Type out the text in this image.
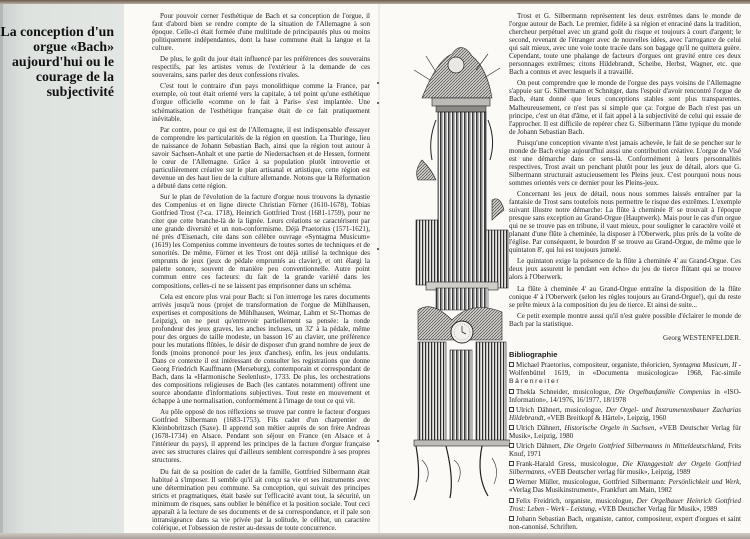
La conception d'un
orgue «Bach»
aujourd'hui ou le
courage de la
subjectivité

Pour pouvoir cerner l'esthétique de Bach et sa conception de l'orgue, il faut d'abord bien se rendre compte de la situation de l'Allemagne à son époque. Celle-ci était formée d'une multitude de principautés plus ou moins politiquement indépendantes, dont la base commune était la langue et la culture.

De plus, le goût du jour était influencé par les préférences des souverains respectifs, par les artistes venus de l'extérieur à la demande de ces souverains, sans parler des deux confessions rivales.

C'est tout le contraire d'un pays monolithique comme la France, par exemple, où tout était orienté vers la capitale, à tel point qu'une esthétique d'orgue officielle «comme on le fait à Paris» s'est implantée. Une schématisation de l'esthétique française était de ce fait pratiquement inévitable.

Par contre, pour ce qui est de l'Allemagne, il est indispensable d'essayer de comprendre les particularités de la région en question. La Thuringe, lieu de naissance de Johann Sebastian Bach, ainsi que la région tout autour à savoir Sachsen-Anhalt et une partie de Niedersachsen et de Hessen, forment le cœur de l'Allemagne. Grâce à sa population plutôt introvertie et particulièrement créative sur le plan artisanal et artistique, cette région est devenue un des haut lieu de la culture allemande. Notons que la Réformation a débuté dans cette région.

Sur le plan de l'évolution de la facture d'orgue nous trouvons la dynastie des Compenius et en ligne directe Christian Förner (1610-1678), Tobias Gottfried Trost (?-ca. 1718), Heinrich Gottfried Trost (1681-1759), pour ne citer que cette branche-là de la lignée. Leurs créations se caractérisent par une grande diversité et un non-conformisme. Déjà Praetorius (1571-1621), né près d'Eisenach, cite dans son célèbre ouvrage «Syntagma Musicum» (1619) les Compenius comme inventeurs de toutes sortes de techniques et de sonorités. De même, Förner et les Trost ont déjà utilisé la technique des emprunts de jeux (jeux de pédale empruntés au clavier), et ont élargi la palette sonore, souvent de manière peu conventionnelle. Autre point commun entre ces facteurs: du fait de la grande variété dans les compositions, celles-ci ne se laissent pas emprisonner dans un schéma.

Cela est encore plus vrai pour Bach: si l'on interroge les rares documents arrivés jusqu'à nous (projet de transformation de l'orgue de Mühlhausen, expertises et compositions de Mühlhausen, Weimar, Lahm et St-Thomas de Leipzig), on ne peut qu'entrevoir partiellement sa pensée: la ronde profondeur des jeux graves, les anches incluses, un 32' à la pédale, même pour des orgues de taille modeste, un basson 16' au clavier, une préférence pour les mutations flûtées, le désir de disposer d'un grand nombre de jeux de fonds (moins prononcé pour les jeux d'anches), enfin, les jeux ondulants. Dans ce contexte il est intéressant de consulter les registrations que donne Georg Friedrich Kauffmann (Merseburg), contemporain et correspondant de Bach, dans la «Harmonische Seelenlust», 1733. De plus, les orchestrations des compositions religieuses de Bach (les cantates notamment) offrent une source abondante d'informations subjectives. Tout reste en mouvement et échappe à une normalisation, conformément à l'image de tout ce qui vit.

Au pôle opposé de nos réflexions se trouve par contre le facteur d'orgues Gottfried Silbermann (1683-1753). Fils cadet d'un charpentier de Kleinbobritzsch (Saxe). Il apprend son métier auprès de son frère Andreas (1678-1734) en Alsace. Pendant son séjour en France (en Alsace et à l'intérieur du pays), il apprend les principes de la facture d'orgue française avec ses structures claires qui d'ailleurs semblent correspondre à ses propres structures.

Du fait de sa position de cadet de la famille, Gottfried Silbermann était habitué à s'imposer. Il semble qu'il ait conçu sa vie et ses instruments avec une détermination peu commune. Sa conception, qui suivait des principes stricts et pragmatiques, était basée sur l'efficacité avant tout, la sécurité, un minimum de risques, sans oublier le bénéfice et la position sociale. Tout ceci apparaît à la lecture de ses documents et de sa correspondance, et il pale son intransigeance dans sa vie privée par la solitude, le célibat, un caractère colérique, et l'obsession de rester au-dessus de toute concurrence.

Trost et G. Silbermann représentent les deux extrêmes dans le monde de l'orgue autour de Bach. Le premier, fidèle à sa région et enraciné dans la tradition, chercheur perpétuel avec un grand goût du risque et toujours à court d'argent; le second, revenant de l'étranger avec de nouvelles idées, avec l'arrogance de celui qui sait mieux, avec une voie toute tracée dans son bagage qu'il ne quittera guère. Cependant, toute une phalange de facteurs d'orgues ont gravité entre ces deux personnages extrêmes; citons Hildebrandt, Scheibe, Herbst, Wagner, etc. que Bach a connus et avec lesquels il a travaillé.

On peut comprendre que le monde de l'orgue des pays voisins de l'Allemagne s'appuie sur G. Silbermann et Schnitger, dans l'espoir d'avoir rencontré l'orgue de Bach, étant donné que leurs conceptions stables sont plus transparentes. Malheureusement, ce n'est pas si simple que ça: l'orgue de Bach n'est pas un principe, c'est un état d'âme, et il fait appel à la subjectivité de celui qui essaie de l'approcher. Il est difficile de repérer chez G. Silbermann l'âme typique du monde de Johann Sebastian Bach.

Puisqu'une conception vivante n'est jamais achevée, le fait de se pencher sur le monde de Bach exige aujourd'hui aussi une contribution créative. L'orgue de Visé est une démarche dans ce sens-là. Conformément à leurs personnalités respectives, Trost avait un penchant plutôt pour les jeux de détail, alors que G. Silbermann structurait astucieusement les Pleins jeux. C'est pourquoi nous nous sommes orientés vers ce dernier pour les Pleins-jeux.

Concernant les jeux de détail, nous nous sommes laissés entraîner par la fantaisie de Trost sans toutefois nous permettre le risque des extrêmes. L'exemple suivant illustre notre démarche: La flûte à cheminée 8' se trouvait à l'époque presque sans exception au Grand-Orgue (Hauptwerk). Mais pour le cas d'un orgue qui ne se trouve pas en tribune, il vaut mieux, pour souligner le caractère voilé et planant d'une flûte à cheminée, la disposer à l'Oberwerk, plus près de la voûte de l'église. Par conséquent, le bourdon 8' se trouve au Grand-Orgue, de même que le quintaton 8', qui lui est toujours jumelé.

Le quintaton exige la présence de la flûte à cheminée 4' au Grand-Orgue. Ces deux jeux assurent le pendant «en écho» du jeu de tierce flûtant qui se trouve alors à l'Oberwerk.

La flûte à cheminée 4' au Grand-Orgue entraîne la disposition de la flûte conique 4' à l'Oberwerk (selon les règles toujours au Grand-Orgue!), qui du reste se prête mieux à la composition du jeu de tierce. Et ainsi de suite...

Ce petit exemple montre aussi qu'il n'est guère possible d'éclairer le monde de Bach par la statistique.

Georg WESTENFELDER.
Bibliographie

Michael Praetorius, compositeur, organiste, théoricien, Syntagma Musicum, II - Wolfenbüttel 1619, in «Documenta musicologica» 1968, Fac-simile Bärenreiter

Thekla Schneider, musicologue, Die Orgelbaufamilie Compenius in «ISO-Information», 14/1976, 16/1977, 18/1978

Ulrich Dähnert, musicologue, Der Orgel- und Instrumentenbauer Zacharias Hildebrandt, «VEB Breitkopf & Härtel», Leipzig, 1960

Ulrich Dähnert, Historische Orgeln in Sachsen, «VEB Deutscher Verlag für Musik», Leipzig, 1980

Ulrich Dähnert, Die Orgeln Gottfried Silbermanns in Mitteldeutschland, Frits Knuf, 1971

Frank-Harald Gress, musicologue, Die Klanggestalt der Orgeln Gottfried Silbermanns, «VEB Deutscher verlag für musik», Leipzig, 1989

Werner Müller, musicologue, Gottfried Silbermann: Persönlichkeit und Werk, «Verlag Das Musikinstrument», Frankfurt am Main, 1982

Felix Freidrich, organiste, musicologue, Der Orgelbauer Heinrich Gottfried Trost: Leben - Werk - Leistung, «VEB Deutscher Verlag für Musik», 1989

Johann Sebastian Bach, organiste, cantor, compositeur, expert d'orgues et saint non-canonisé. Schriften.
